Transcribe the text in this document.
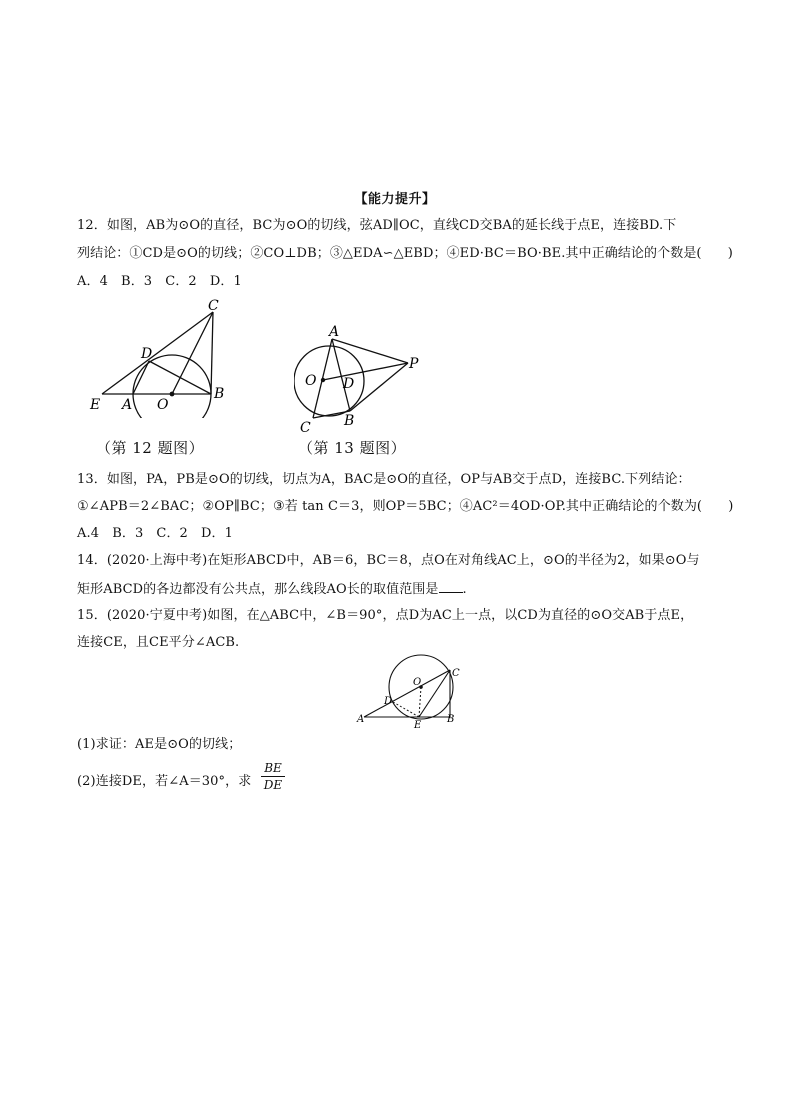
【能力提升】
12．如图，AB为⊙O的直径，BC为⊙O的切线，弦AD∥OC，直线CD交BA的延长线于点E，连接BD.下
列结论：①CD是⊙O的切线；②CO⊥DB；③△EDA∽△EBD；④ED·BC＝BO·BE.其中正确结论的个数是(　　)
A．4　B．3　C．2　D．1
C
D
E A O
B
（第 12 题图）
A
O D
P
C B
（第 13 题图）
13．如图，PA，PB是⊙O的切线，切点为A，BAC是⊙O的直径，OP与AB交于点D，连接BC.下列结论：
①∠APB＝2∠BAC；②OP∥BC；③若 tan C＝3，则OP＝5BC；④AC²＝4OD·OP.其中正确结论的个数为(　　)
A.4　B．3　C．2　D．1
14．(2020·上海中考)在矩形ABCD中，AB＝6，BC＝8，点O在对角线AC上，⊙O的半径为2，如果⊙O与
矩形ABCD的各边都没有公共点，那么线段AO长的取值范围是 .
15．(2020·宁夏中考)如图，在△ABC中，∠B＝90°，点D为AC上一点，以CD为直径的⊙O交AB于点E，
连接CE，且CE平分∠ACB.
O
C
D
A
E
B
(1)求证：AE是⊙O的切线；
(2)连接DE，若∠A＝30°，求 $\frac{BE}{DE}$
